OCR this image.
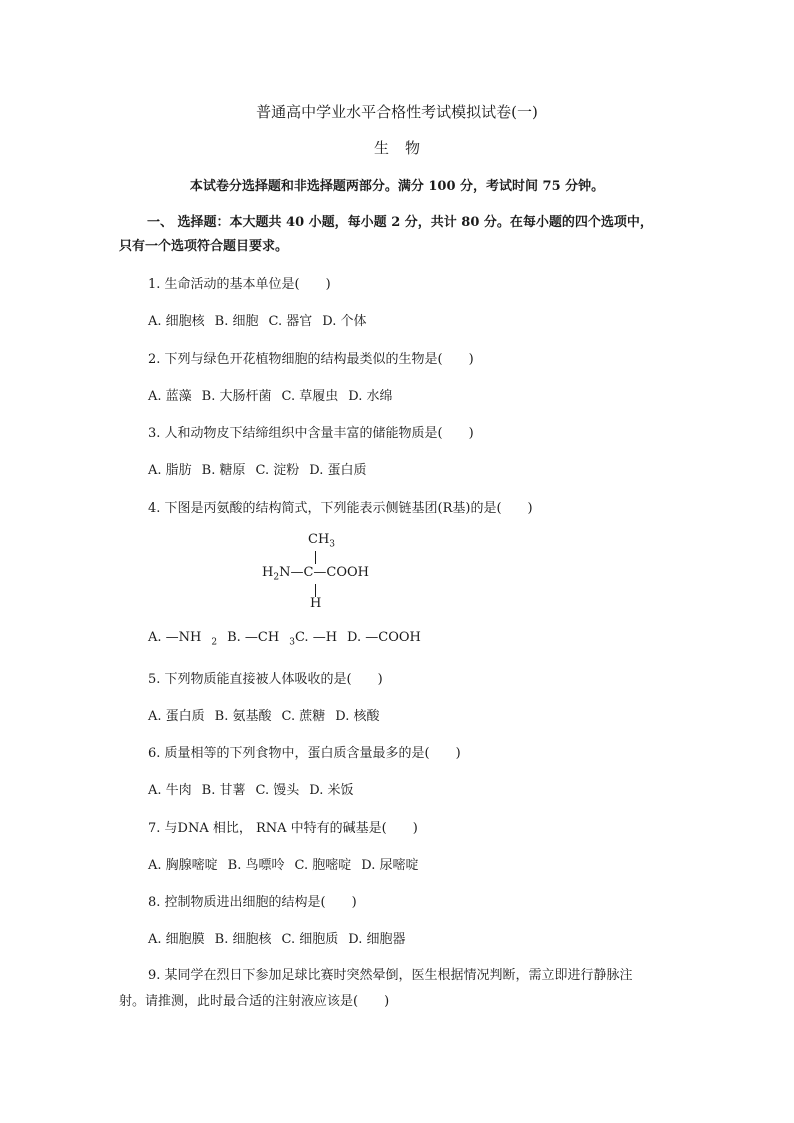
普通高中学业水平合格性考试模拟试卷(一)
生 物
本试卷分选择题和非选择题两部分。满分 100 分，考试时间 75 分钟。
一、 选择题：本大题共 40 小题，每小题 2 分，共计 80 分。在每小题的四个选项中，
只有一个选项符合题目要求。
1. 生命活动的基本单位是(　　)
A. 细胞核 B. 细胞 C. 器官 D. 个体
2. 下列与绿色开花植物细胞的结构最类似的生物是(　　)
A. 蓝藻 B. 大肠杆菌 C. 草履虫 D. 水绵
3. 人和动物皮下结缔组织中含量丰富的储能物质是(　　)
A. 脂肪 B. 糖原 C. 淀粉 D. 蛋白质
4. 下图是丙氨酸的结构简式，下列能表示侧链基团(R基)的是(　　)
$CH_3$
$H_2N—C—COOH$
H
A. —NH $_2$ B. —CH $_3$C. —H D. —COOH
5. 下列物质能直接被人体吸收的是(　　)
A. 蛋白质 B. 氨基酸 C. 蔗糖 D. 核酸
6. 质量相等的下列食物中，蛋白质含量最多的是(　　)
A. 牛肉 B. 甘薯 C. 馒头 D. 米饭
7. 与DNA 相比， RNA 中特有的碱基是(　　)
A. 胸腺嘧啶 B. 鸟嘌呤 C. 胞嘧啶 D. 尿嘧啶
8. 控制物质进出细胞的结构是(　　)
A. 细胞膜 B. 细胞核 C. 细胞质 D. 细胞器
9. 某同学在烈日下参加足球比赛时突然晕倒，医生根据情况判断，需立即进行静脉注
射。请推测，此时最合适的注射液应该是(　　)
